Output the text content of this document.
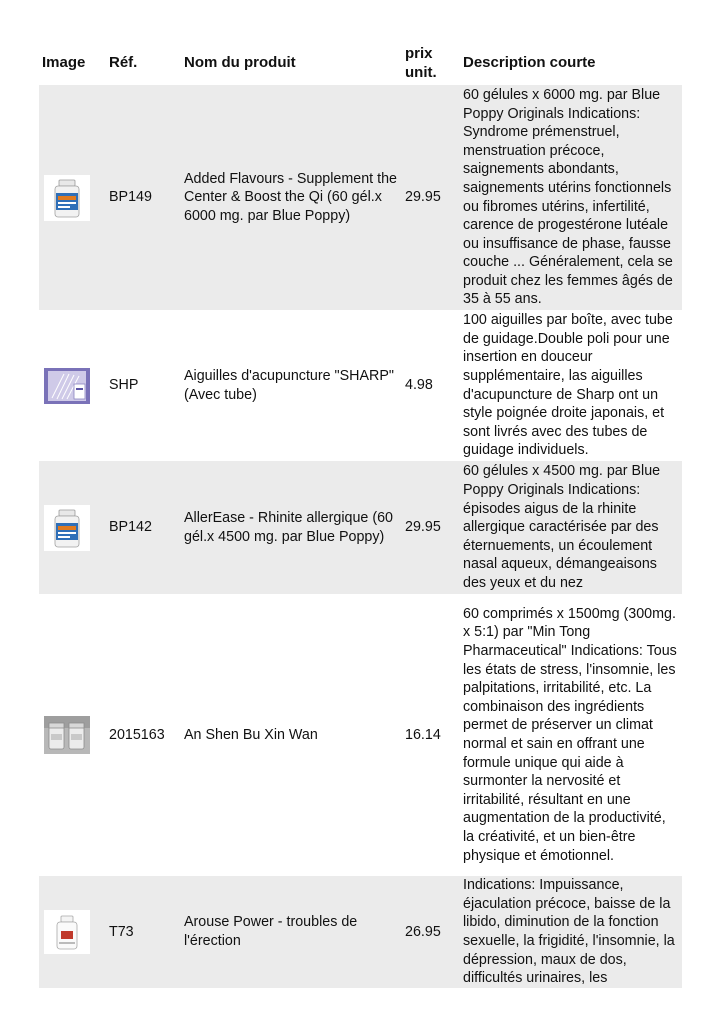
Image	Réf.	Nom du produit	prix unit.	Description courte

	BP149	Added Flavours - Supplement the Center & Boost the Qi (60 gél.x 6000 mg. par Blue Poppy)	29.95	60 gélules x 6000 mg. par Blue Poppy Originals Indications: Syndrome prémenstruel, menstruation précoce, saignements abondants, saignements utérins fonctionnels ou fibromes utérins, infertilité, carence de progestérone lutéale ou insuffisance de phase, fausse couche ... Généralement, cela se produit chez les femmes âgés de 35 à 55 ans.

	SHP	Aiguilles d'acupuncture "SHARP" (Avec tube)	4.98	100 aiguilles par boîte, avec tube de guidage.Double poli pour une insertion en douceur supplémentaire, las aiguilles d'acupuncture de Sharp ont un style poignée droite japonais, et sont livrés avec des tubes de guidage individuels.

	BP142	AllerEase - Rhinite allergique (60 gél.x 4500 mg. par Blue Poppy)	29.95	60 gélules x 4500 mg. par Blue Poppy Originals Indications: épisodes aigus de la rhinite allergique caractérisée par des éternuements, un écoulement nasal aqueux, démangeaisons des yeux et du nez

	2015163	An Shen Bu Xin Wan	16.14	60 comprimés x 1500mg (300mg. x 5:1) par "Min Tong Pharmaceutical" Indications: Tous les états de stress, l'insomnie, les palpitations, irritabilité, etc. La combinaison des ingrédients permet de préserver un climat normal et sain en offrant une formule unique qui aide à surmonter la nervosité et irritabilité, résultant en une augmentation de la productivité, la créativité, et un bien-être physique et émotionnel.

	T73	Arouse Power - troubles de l'érection	26.95	Indications: Impuissance, éjaculation précoce, baisse de la libido, diminution de la fonction sexuelle, la frigidité, l'insomnie, la dépression, maux de dos, difficultés urinaires, les
